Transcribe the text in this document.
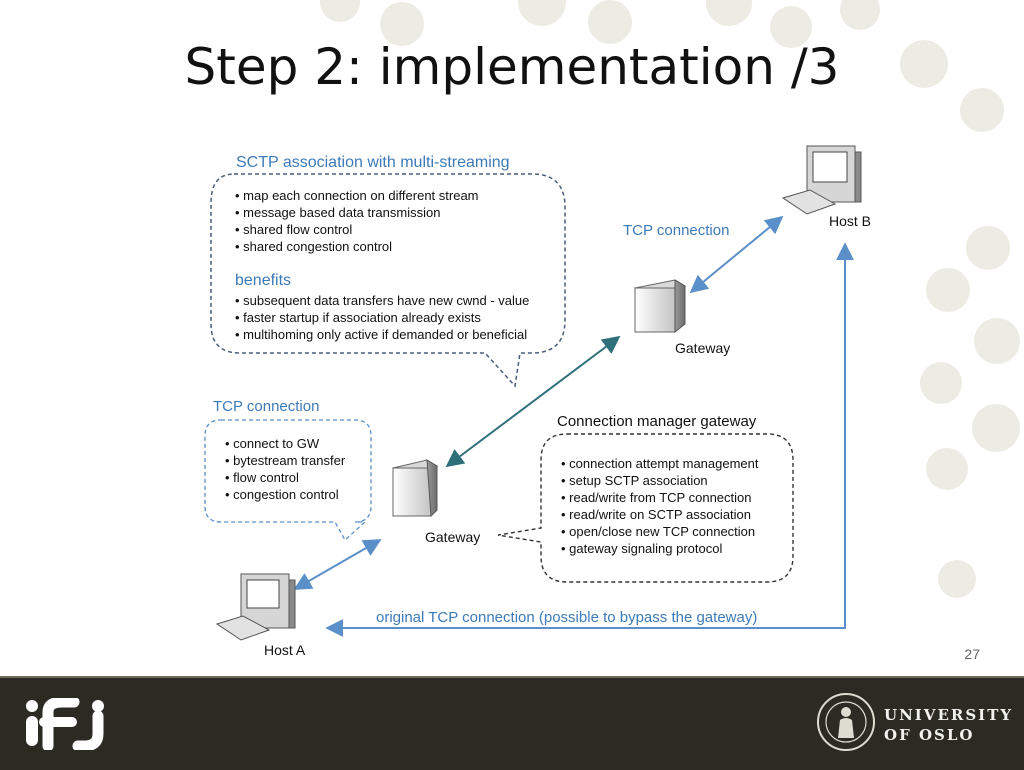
Step 2: implementation /3
SCTP association with multi-streaming
• map each connection on different stream
• message based data transmission
• shared flow control
• shared congestion control
benefits
• subsequent data transfers have new cwnd - value
• faster startup if association already exists
• multihoming only active if demanded or beneficial
TCP connection
• connect to GW
• bytestream transfer
• flow control
• congestion control
Connection manager gateway
• connection attempt management
• setup SCTP association
• read/write from TCP connection
• read/write on SCTP association
• open/close new TCP connection
• gateway signaling protocol
TCP connection
original TCP connection (possible to bypass the gateway)
Gateway
Gateway
Host B
Host A	27
UNIVERSITY
OF OSLO
